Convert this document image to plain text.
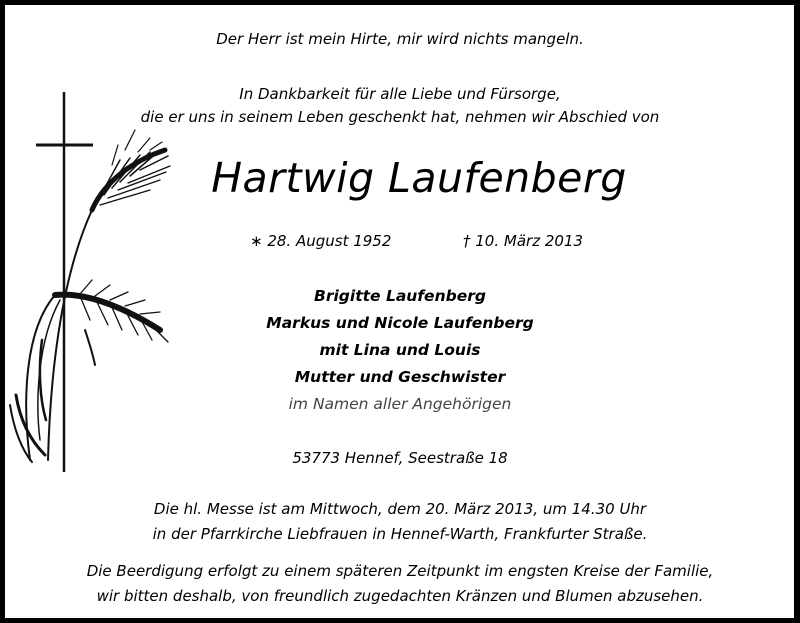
Der Herr ist mein Hirte, mir wird nichts mangeln.
In Dankbarkeit für alle Liebe und Fürsorge,
die er uns in seinem Leben geschenkt hat, nehmen wir Abschied von
Hartwig Laufenberg
∗ 28. August 1952	† 10. März 2013
Brigitte Laufenberg
Markus und Nicole Laufenberg
mit Lina und Louis
Mutter und Geschwister
im Namen aller Angehörigen
53773 Hennef, Seestraße 18
Die hl. Messe ist am Mittwoch, dem 20. März 2013, um 14.30 Uhr
in der Pfarrkirche Liebfrauen in Hennef-Warth, Frankfurter Straße.
Die Beerdigung erfolgt zu einem späteren Zeitpunkt im engsten Kreise der Familie,
wir bitten deshalb, von freundlich zugedachten Kränzen und Blumen abzusehen.
